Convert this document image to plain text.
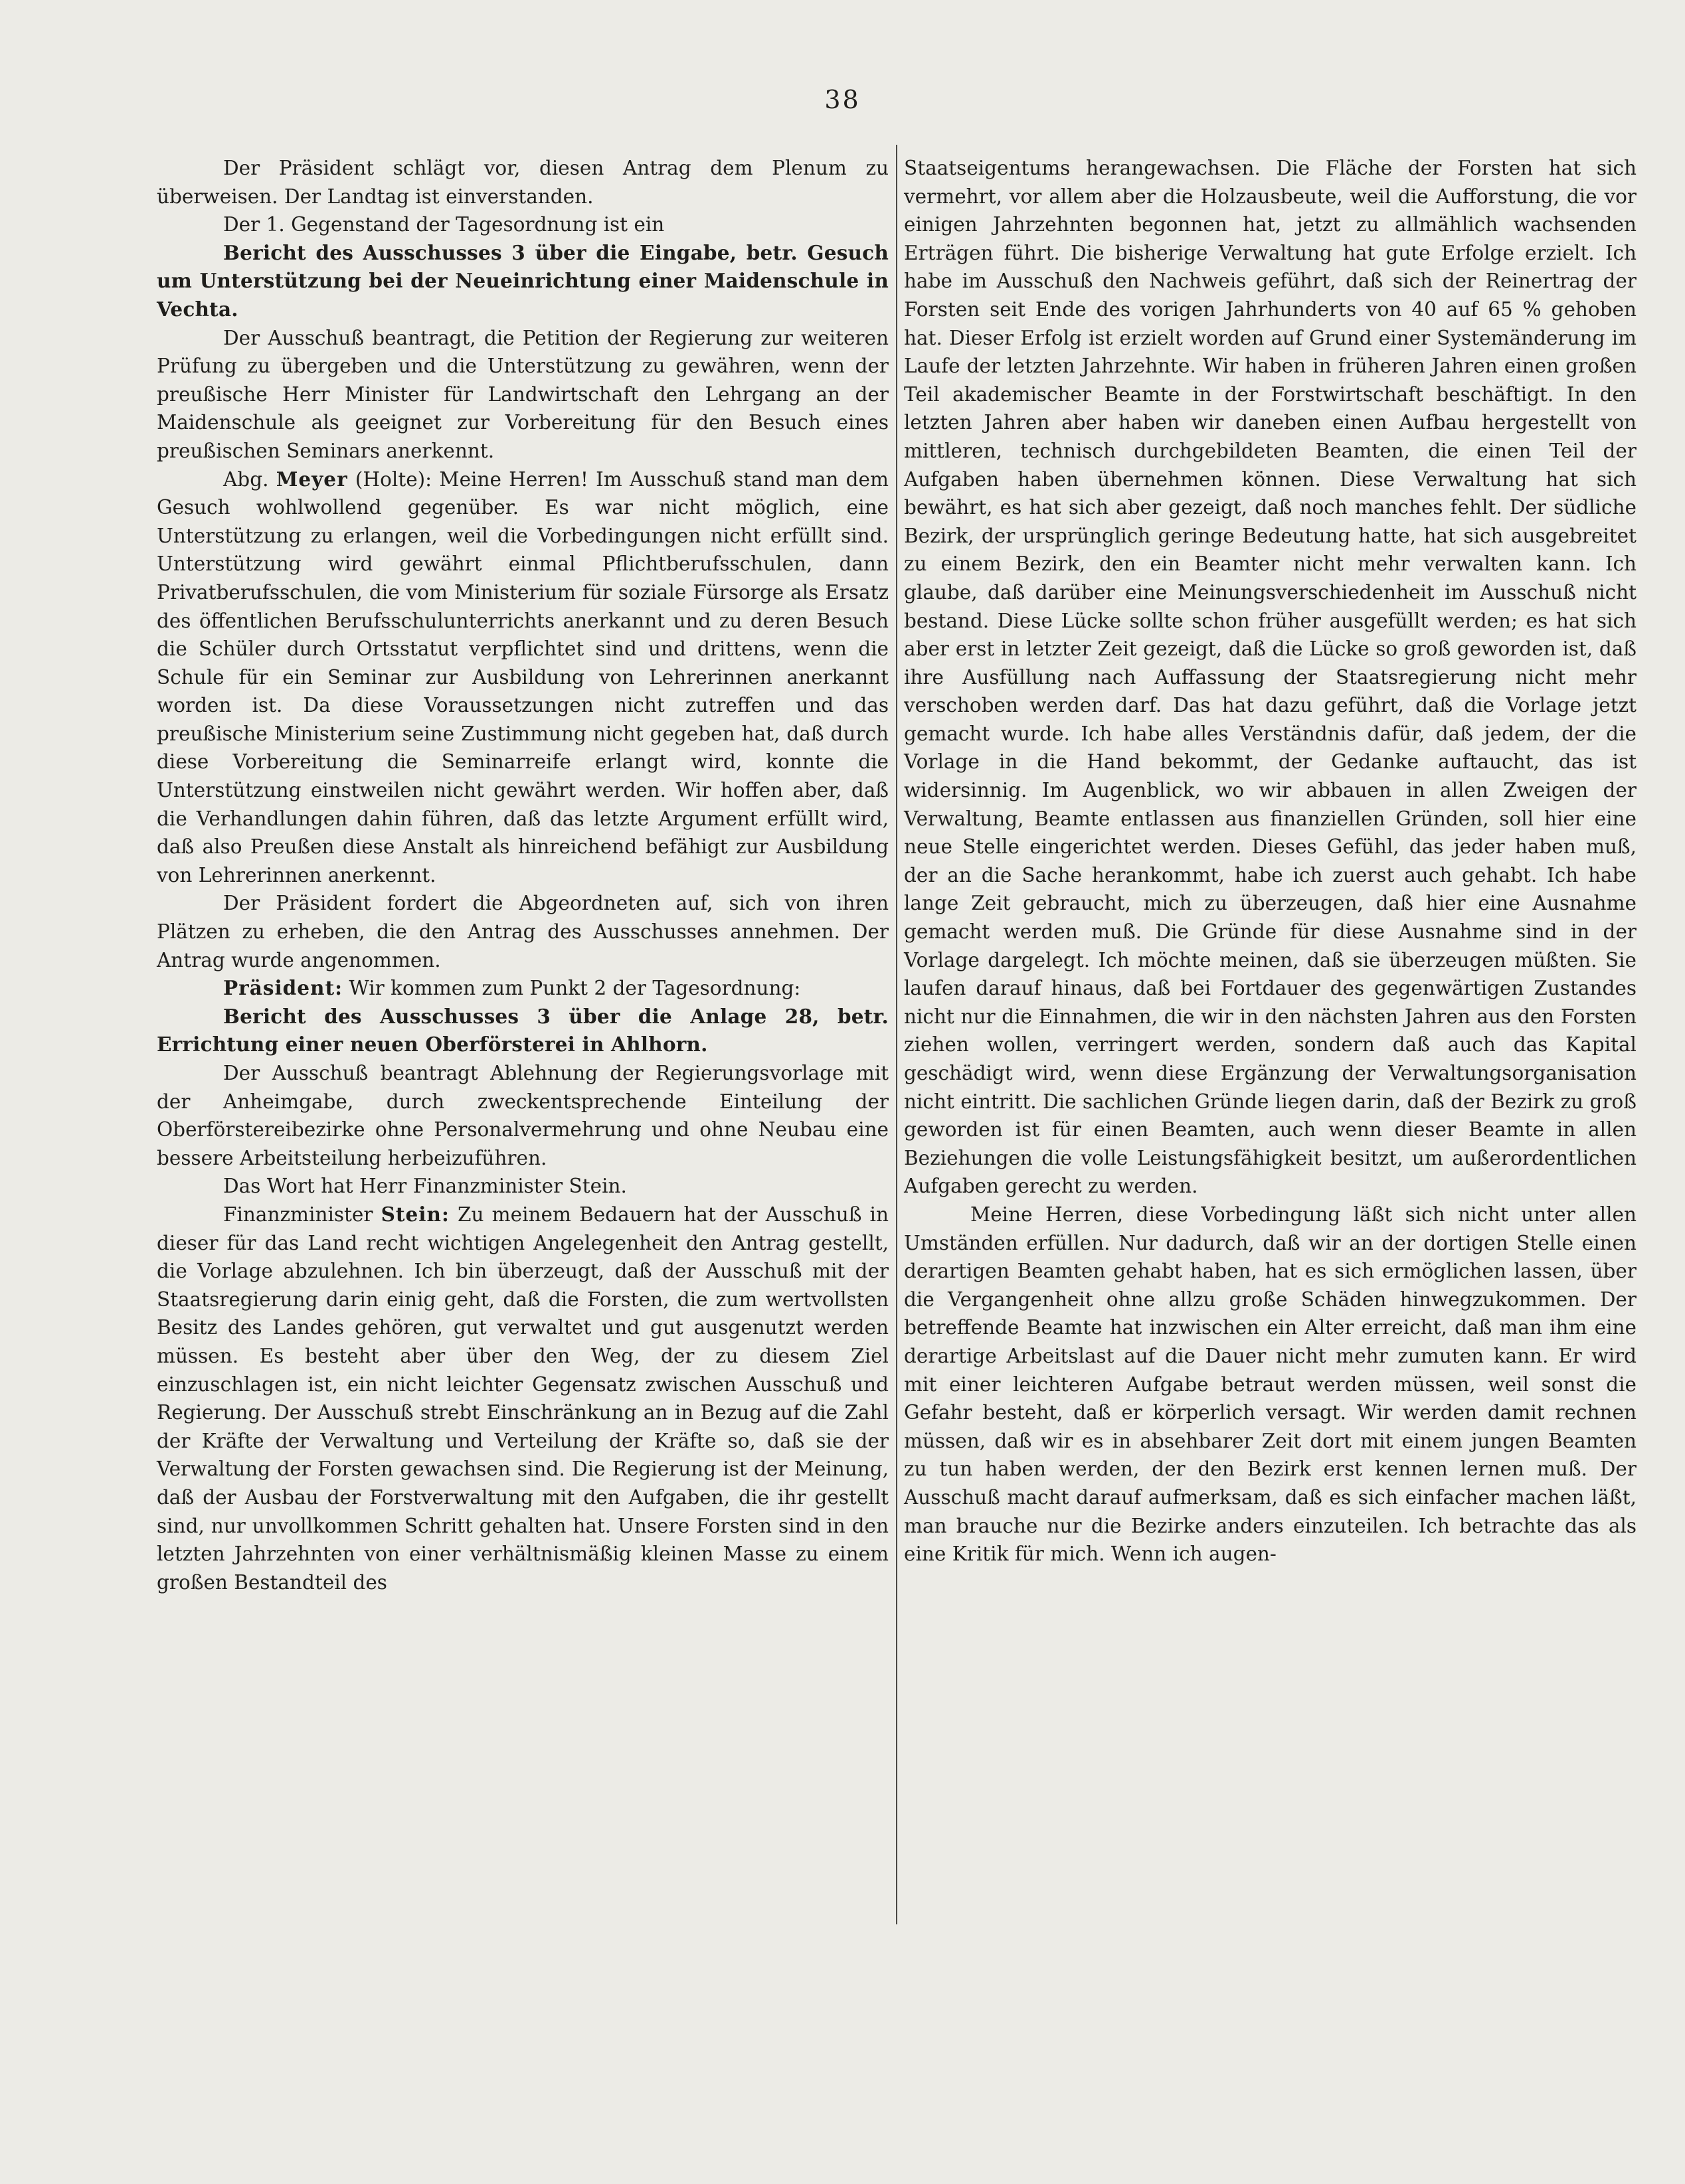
38

Der Präsident schlägt vor, diesen Antrag dem Plenum zu überweisen. Der Landtag ist einverstanden.

Der 1. Gegenstand der Tagesordnung ist ein

Bericht des Ausschusses 3 über die Eingabe, betr. Gesuch um Unterstützung bei der Neueinrichtung einer Maidenschule in Vechta.

Der Ausschuß beantragt, die Petition der Regierung zur weiteren Prüfung zu übergeben und die Unterstützung zu gewähren, wenn der preußische Herr Minister für Landwirtschaft den Lehrgang an der Maidenschule als geeignet zur Vorbereitung für den Besuch eines preußischen Seminars anerkennt.

Abg. Meyer (Holte): Meine Herren! Im Ausschuß stand man dem Gesuch wohlwollend gegenüber. Es war nicht möglich, eine Unterstützung zu erlangen, weil die Vorbedingungen nicht erfüllt sind. Unterstützung wird gewährt einmal Pflichtberufsschulen, dann Privatberufsschulen, die vom Ministerium für soziale Fürsorge als Ersatz des öffentlichen Berufsschulunterrichts anerkannt und zu deren Besuch die Schüler durch Ortsstatut verpflichtet sind und drittens, wenn die Schule für ein Seminar zur Ausbildung von Lehrerinnen anerkannt worden ist. Da diese Voraussetzungen nicht zutreffen und das preußische Ministerium seine Zustimmung nicht gegeben hat, daß durch diese Vorbereitung die Seminarreife erlangt wird, konnte die Unterstützung einstweilen nicht gewährt werden. Wir hoffen aber, daß die Verhandlungen dahin führen, daß das letzte Argument erfüllt wird, daß also Preußen diese Anstalt als hinreichend befähigt zur Ausbildung von Lehrerinnen anerkennt.

Der Präsident fordert die Abgeordneten auf, sich von ihren Plätzen zu erheben, die den Antrag des Ausschusses annehmen. Der Antrag wurde angenommen.

Präsident: Wir kommen zum Punkt 2 der Tagesordnung:

Bericht des Ausschusses 3 über die Anlage 28, betr. Errichtung einer neuen Oberförsterei in Ahlhorn.

Der Ausschuß beantragt Ablehnung der Regierungsvorlage mit der Anheimgabe, durch zweckentsprechende Einteilung der Oberförstereibezirke ohne Personalvermehrung und ohne Neubau eine bessere Arbeitsteilung herbeizuführen.

Das Wort hat Herr Finanzminister Stein.

Finanzminister Stein: Zu meinem Bedauern hat der Ausschuß in dieser für das Land recht wichtigen Angelegenheit den Antrag gestellt, die Vorlage abzulehnen. Ich bin überzeugt, daß der Ausschuß mit der Staatsregierung darin einig geht, daß die Forsten, die zum wertvollsten Besitz des Landes gehören, gut verwaltet und gut ausgenutzt werden müssen. Es besteht aber über den Weg, der zu diesem Ziel einzuschlagen ist, ein nicht leichter Gegensatz zwischen Ausschuß und Regierung. Der Ausschuß strebt Einschränkung an in Bezug auf die Zahl der Kräfte der Verwaltung und Verteilung der Kräfte so, daß sie der Verwaltung der Forsten gewachsen sind. Die Regierung ist der Meinung, daß der Ausbau der Forstverwaltung mit den Aufgaben, die ihr gestellt sind, nur unvollkommen Schritt gehalten hat. Unsere Forsten sind in den letzten Jahrzehnten von einer verhältnismäßig kleinen Masse zu einem großen Bestandteil des

Staatseigentums herangewachsen. Die Fläche der Forsten hat sich vermehrt, vor allem aber die Holzausbeute, weil die Aufforstung, die vor einigen Jahrzehnten begonnen hat, jetzt zu allmählich wachsenden Erträgen führt. Die bisherige Verwaltung hat gute Erfolge erzielt. Ich habe im Ausschuß den Nachweis geführt, daß sich der Reinertrag der Forsten seit Ende des vorigen Jahrhunderts von 40 auf 65 % gehoben hat. Dieser Erfolg ist erzielt worden auf Grund einer Systemänderung im Laufe der letzten Jahrzehnte. Wir haben in früheren Jahren einen großen Teil akademischer Beamte in der Forstwirtschaft beschäftigt. In den letzten Jahren aber haben wir daneben einen Aufbau hergestellt von mittleren, technisch durchgebildeten Beamten, die einen Teil der Aufgaben haben übernehmen können. Diese Verwaltung hat sich bewährt, es hat sich aber gezeigt, daß noch manches fehlt. Der südliche Bezirk, der ursprünglich geringe Bedeutung hatte, hat sich ausgebreitet zu einem Bezirk, den ein Beamter nicht mehr verwalten kann. Ich glaube, daß darüber eine Meinungsverschiedenheit im Ausschuß nicht bestand. Diese Lücke sollte schon früher ausgefüllt werden; es hat sich aber erst in letzter Zeit gezeigt, daß die Lücke so groß geworden ist, daß ihre Ausfüllung nach Auffassung der Staatsregierung nicht mehr verschoben werden darf. Das hat dazu geführt, daß die Vorlage jetzt gemacht wurde. Ich habe alles Verständnis dafür, daß jedem, der die Vorlage in die Hand bekommt, der Gedanke auftaucht, das ist widersinnig. Im Augenblick, wo wir abbauen in allen Zweigen der Verwaltung, Beamte entlassen aus finanziellen Gründen, soll hier eine neue Stelle eingerichtet werden. Dieses Gefühl, das jeder haben muß, der an die Sache herankommt, habe ich zuerst auch gehabt. Ich habe lange Zeit gebraucht, mich zu überzeugen, daß hier eine Ausnahme gemacht werden muß. Die Gründe für diese Ausnahme sind in der Vorlage dargelegt. Ich möchte meinen, daß sie überzeugen müßten. Sie laufen darauf hinaus, daß bei Fortdauer des gegenwärtigen Zustandes nicht nur die Einnahmen, die wir in den nächsten Jahren aus den Forsten ziehen wollen, verringert werden, sondern daß auch das Kapital geschädigt wird, wenn diese Ergänzung der Verwaltungsorganisation nicht eintritt. Die sachlichen Gründe liegen darin, daß der Bezirk zu groß geworden ist für einen Beamten, auch wenn dieser Beamte in allen Beziehungen die volle Leistungsfähigkeit besitzt, um außerordentlichen Aufgaben gerecht zu werden.

Meine Herren, diese Vorbedingung läßt sich nicht unter allen Umständen erfüllen. Nur dadurch, daß wir an der dortigen Stelle einen derartigen Beamten gehabt haben, hat es sich ermöglichen lassen, über die Vergangenheit ohne allzu große Schäden hinwegzukommen. Der betreffende Beamte hat inzwischen ein Alter erreicht, daß man ihm eine derartige Arbeitslast auf die Dauer nicht mehr zumuten kann. Er wird mit einer leichteren Aufgabe betraut werden müssen, weil sonst die Gefahr besteht, daß er körperlich versagt. Wir werden damit rechnen müssen, daß wir es in absehbarer Zeit dort mit einem jungen Beamten zu tun haben werden, der den Bezirk erst kennen lernen muß. Der Ausschuß macht darauf aufmerksam, daß es sich einfacher machen läßt, man brauche nur die Bezirke anders einzuteilen. Ich betrachte das als eine Kritik für mich. Wenn ich augen-
